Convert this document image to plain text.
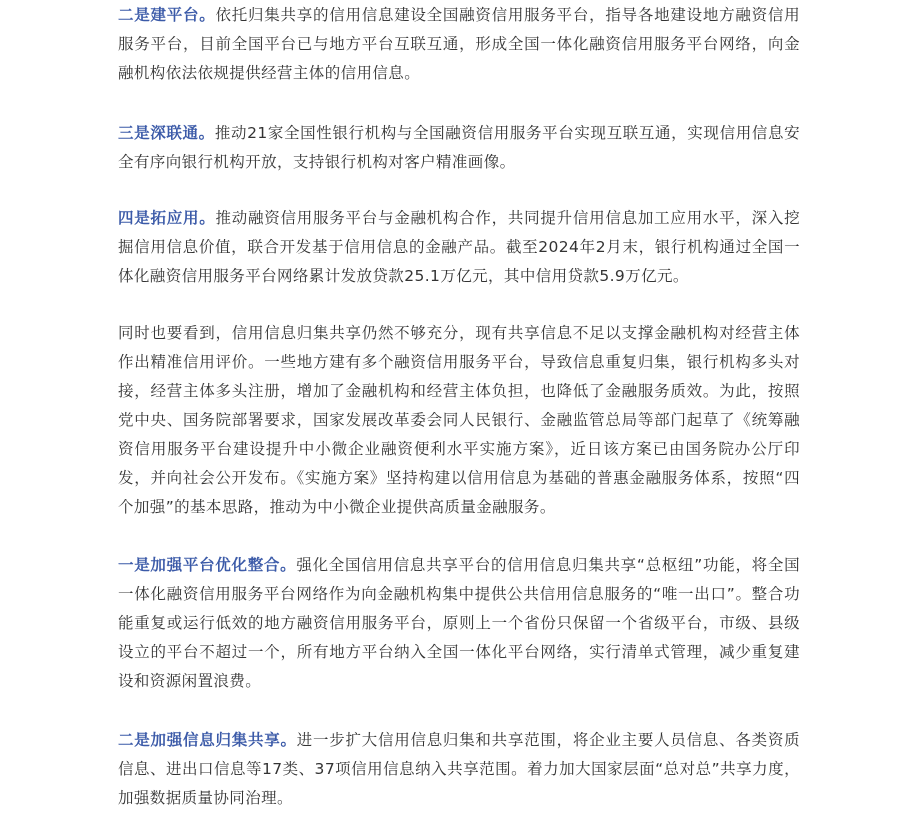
二是建平台。依托归集共享的信用信息建设全国融资信用服务平台，指导各地建设地方融资信用服务平台，目前全国平台已与地方平台互联互通，形成全国一体化融资信用服务平台网络，向金融机构依法依规提供经营主体的信用信息。

三是深联通。推动21家全国性银行机构与全国融资信用服务平台实现互联互通，实现信用信息安全有序向银行机构开放，支持银行机构对客户精准画像。

四是拓应用。推动融资信用服务平台与金融机构合作，共同提升信用信息加工应用水平，深入挖掘信用信息价值，联合开发基于信用信息的金融产品。截至2024年2月末，银行机构通过全国一体化融资信用服务平台网络累计发放贷款25.1万亿元，其中信用贷款5.9万亿元。

同时也要看到，信用信息归集共享仍然不够充分，现有共享信息不足以支撑金融机构对经营主体作出精准信用评价。一些地方建有多个融资信用服务平台，导致信息重复归集，银行机构多头对接，经营主体多头注册，增加了金融机构和经营主体负担，也降低了金融服务质效。为此，按照党中央、国务院部署要求，国家发展改革委会同人民银行、金融监管总局等部门起草了《统筹融资信用服务平台建设提升中小微企业融资便利水平实施方案》，近日该方案已由国务院办公厅印发，并向社会公开发布。《实施方案》坚持构建以信用信息为基础的普惠金融服务体系，按照“四个加强”的基本思路，推动为中小微企业提供高质量金融服务。

一是加强平台优化整合。强化全国信用信息共享平台的信用信息归集共享“总枢纽”功能，将全国一体化融资信用服务平台网络作为向金融机构集中提供公共信用信息服务的“唯一出口”。整合功能重复或运行低效的地方融资信用服务平台，原则上一个省份只保留一个省级平台，市级、县级设立的平台不超过一个，所有地方平台纳入全国一体化平台网络，实行清单式管理，减少重复建设和资源闲置浪费。

二是加强信息归集共享。进一步扩大信用信息归集和共享范围，将企业主要人员信息、各类资质信息、进出口信息等17类、37项信用信息纳入共享范围。着力加大国家层面“总对总”共享力度，加强数据质量协同治理。
